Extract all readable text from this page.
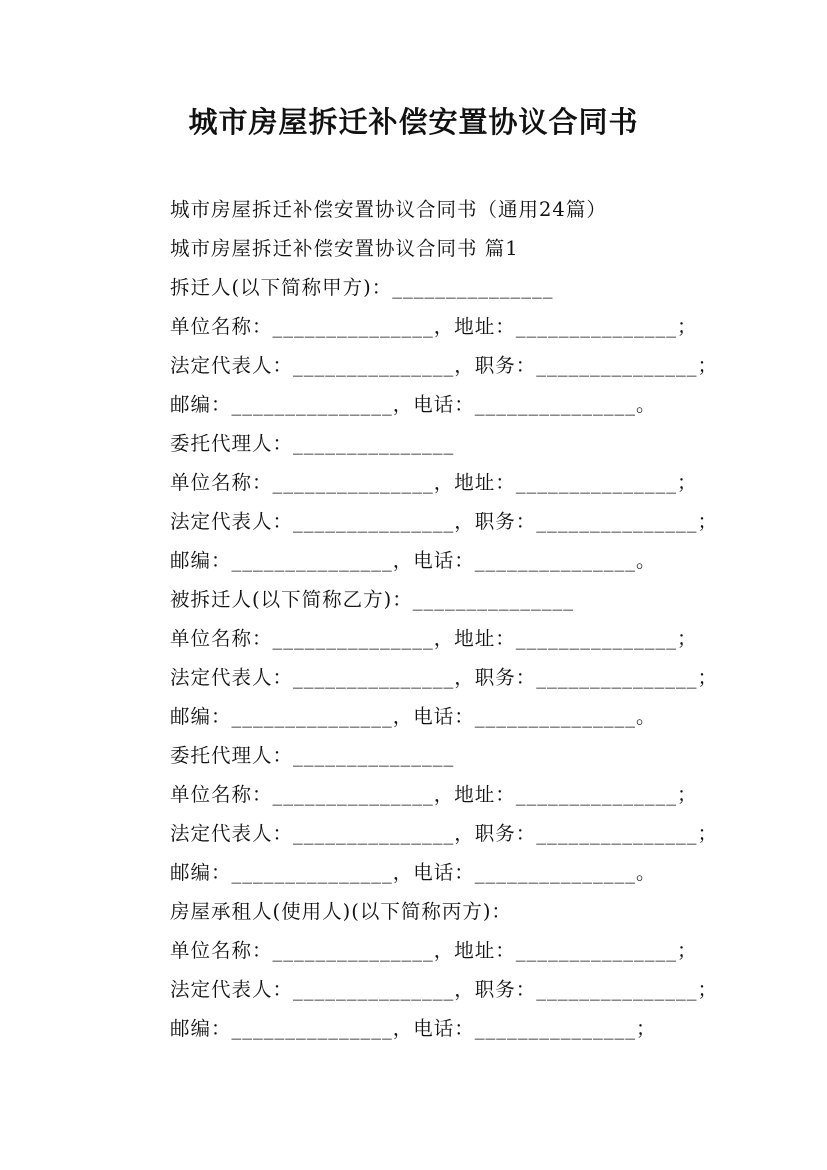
城市房屋拆迁补偿安置协议合同书
城市房屋拆迁补偿安置协议合同书（通用24篇）
城市房屋拆迁补偿安置协议合同书 篇1
拆迁人(以下简称甲方)：_______________
单位名称：_______________，地址：_______________；
法定代表人：_______________，职务：_______________；
邮编：_______________，电话：_______________。
委托代理人：_______________
单位名称：_______________，地址：_______________；
法定代表人：_______________，职务：_______________；
邮编：_______________，电话：_______________。
被拆迁人(以下简称乙方)：_______________
单位名称：_______________，地址：_______________；
法定代表人：_______________，职务：_______________；
邮编：_______________，电话：_______________。
委托代理人：_______________
单位名称：_______________，地址：_______________；
法定代表人：_______________，职务：_______________；
邮编：_______________，电话：_______________。
房屋承租人(使用人)(以下简称丙方)：
单位名称：_______________，地址：_______________；
法定代表人：_______________，职务：_______________；
邮编：_______________，电话：_______________；
